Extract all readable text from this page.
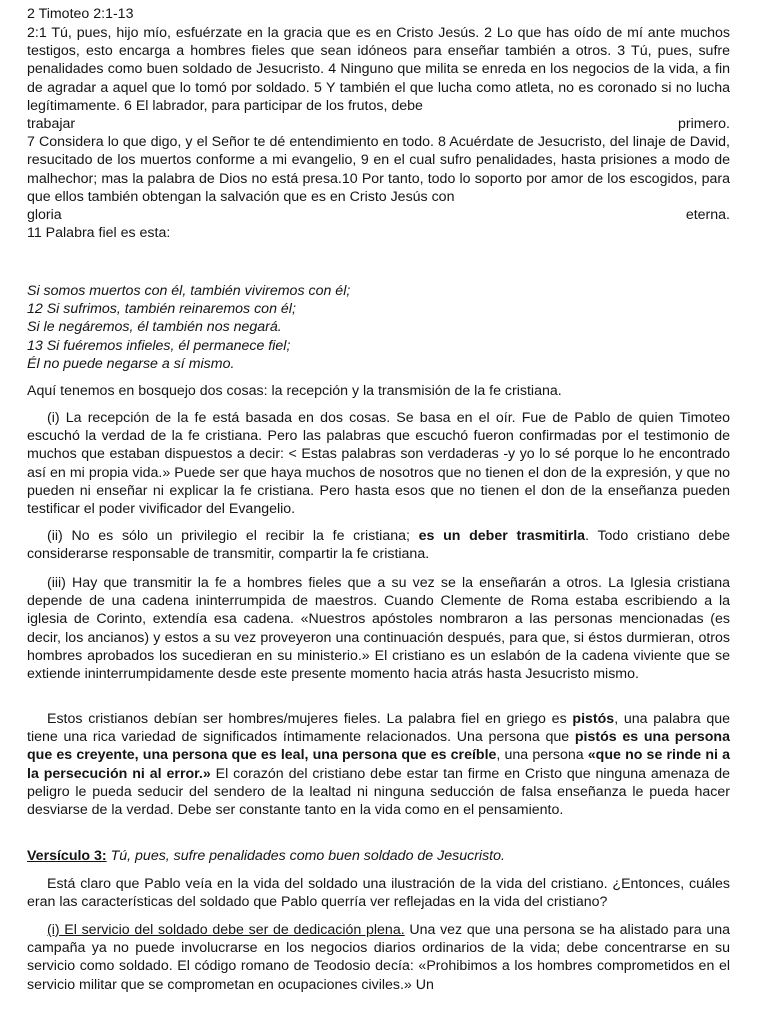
2 Timoteo 2:1-13

2:1 Tú, pues, hijo mío, esfuérzate en la gracia que es en Cristo Jesús. 2 Lo que has oído de mí ante muchos testigos, esto encarga a hombres fieles que sean idóneos para enseñar también a otros. 3 Tú, pues, sufre penalidades como buen soldado de Jesucristo. 4 Ninguno que milita se enreda en los negocios de la vida, a fin de agradar a aquel que lo tomó por soldado. 5 Y también el que lucha como atleta, no es coronado si no lucha legítimamente. 6 El labrador, para participar de los frutos, debe

trabajar	primero.

7 Considera lo que digo, y el Señor te dé entendimiento en todo. 8 Acuérdate de Jesucristo, del linaje de David, resucitado de los muertos conforme a mi evangelio, 9 en el cual sufro penalidades, hasta prisiones a modo de malhechor; mas la palabra de Dios no está presa.10 Por tanto, todo lo soporto por amor de los escogidos, para que ellos también obtengan la salvación que es en Cristo Jesús con

gloria	eterna.

11 Palabra fiel es esta:

Si somos muertos con él, también viviremos con él;
12 Si sufrimos, también reinaremos con él;
Si le negáremos, él también nos negará.
13 Si fuéremos infieles, él permanece fiel;
Él no puede negarse a sí mismo.

Aquí tenemos en bosquejo dos cosas: la recepción y la transmisión de la fe cristiana.

(i) La recepción de la fe está basada en dos cosas. Se basa en el oír. Fue de Pablo de quien Timoteo escuchó la verdad de la fe cristiana. Pero las palabras que escuchó fueron confirmadas por el testimonio de muchos que estaban dispuestos a decir: < Estas palabras son verdaderas -y yo lo sé porque lo he encontrado así en mi propia vida.» Puede ser que haya muchos de nosotros que no tienen el don de la expresión, y que no pueden ni enseñar ni explicar la fe cristiana. Pero hasta esos que no tienen el don de la enseñanza pueden testificar el poder vivificador del Evangelio.

(ii) No es sólo un privilegio el recibir la fe cristiana; es un deber trasmitirla. Todo cristiano debe considerarse responsable de transmitir, compartir la fe cristiana.

(iii) Hay que transmitir la fe a hombres fieles que a su vez se la enseñarán a otros. La Iglesia cristiana depende de una cadena ininterrumpida de maestros. Cuando Clemente de Roma estaba escribiendo a la iglesia de Corinto, extendía esa cadena. «Nuestros apóstoles nombraron a las personas mencionadas (es decir, los ancianos) y estos a su vez proveyeron una continuación después, para que, si éstos durmieran, otros hombres aprobados los sucedieran en su ministerio.» El cristiano es un eslabón de la cadena viviente que se extiende ininterrumpidamente desde este presente momento hacia atrás hasta Jesucristo mismo.

Estos cristianos debían ser hombres/mujeres fieles. La palabra fiel en griego es pistós, una palabra que tiene una rica variedad de significados íntimamente relacionados. Una persona que pistós es una persona que es creyente, una persona que es leal, una persona que es creíble, una persona «que no se rinde ni a la persecución ni al error.» El corazón del cristiano debe estar tan firme en Cristo que ninguna amenaza de peligro le pueda seducir del sendero de la lealtad ni ninguna seducción de falsa enseñanza le pueda hacer desviarse de la verdad. Debe ser constante tanto en la vida como en el pensamiento.

Versículo 3: Tú, pues, sufre penalidades como buen soldado de Jesucristo.

Está claro que Pablo veía en la vida del soldado una ilustración de la vida del cristiano. ¿Entonces, cuáles eran las características del soldado que Pablo querría ver reflejadas en la vida del cristiano?

(i) El servicio del soldado debe ser de dedicación plena. Una vez que una persona se ha alistado para una campaña ya no puede involucrarse en los negocios diarios ordinarios de la vida; debe concentrarse en su servicio como soldado. El código romano de Teodosio decía: «Prohibimos a los hombres comprometidos en el servicio militar que se comprometan en ocupaciones civiles.» Un
